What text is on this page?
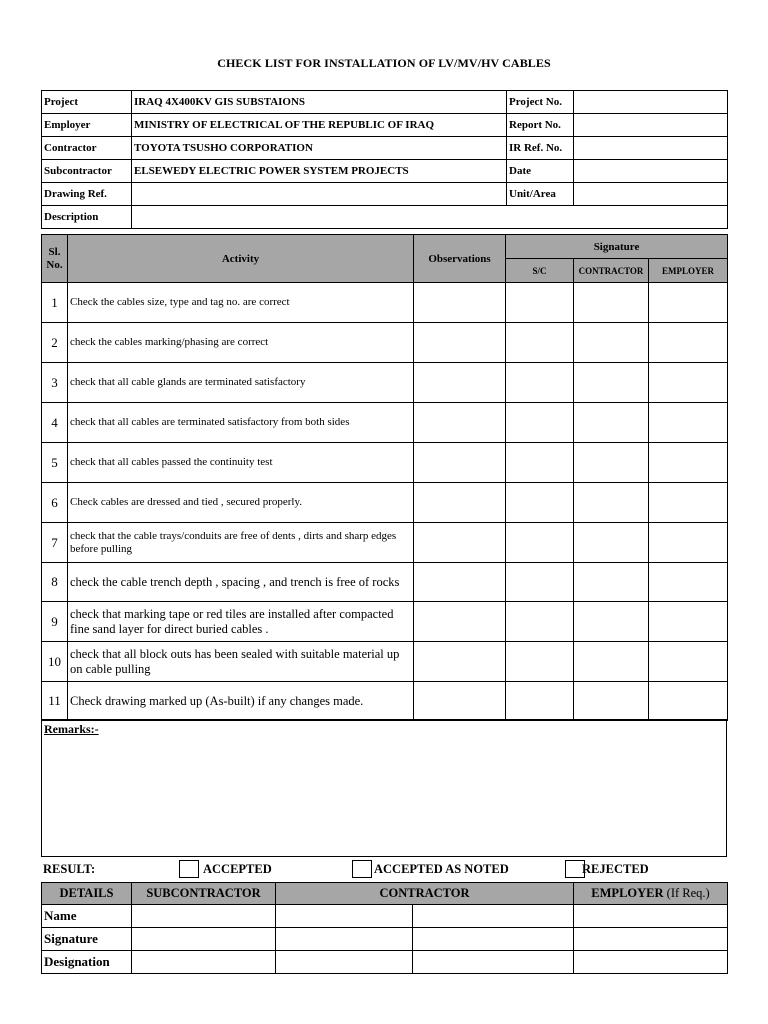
CHECK LIST FOR INSTALLATION OF LV/MV/HV CABLES
Project	IRAQ 4X400KV GIS SUBSTAIONS	Project No.	
Employer	MINISTRY OF ELECTRICAL OF THE REPUBLIC OF IRAQ	Report No.	
Contractor	TOYOTA TSUSHO CORPORATION	IR Ref. No.	
Subcontractor	ELSEWEDY ELECTRIC POWER SYSTEM PROJECTS	Date	
Drawing Ref.		Unit/Area	
Description			
Sl. No.	Activity	Observations	Signature		
			S/C	CONTRACTOR	EMPLOYER
1	Check the cables size, type and tag no. are correct				
2	check the cables marking/phasing are correct				
3	check that all cable glands are terminated satisfactory				
4	check that all cables are terminated satisfactory from both sides				
5	check that all cables passed the continuity test				
6	Check cables are dressed and tied , secured properly.				
7	check that the cable trays/conduits are free of dents , dirts and sharp edges before pulling				
8	check the cable trench depth , spacing , and trench is free of rocks				
9	check that marking tape or red tiles are installed after compacted fine sand layer for direct buried cables .				
10	check that all block outs has been sealed with suitable material up on cable pulling				
11	Check drawing marked up (As-built) if any changes made.				
Remarks:-
RESULT:	ACCEPTED	ACCEPTED AS NOTED	REJECTED
DETAILS	SUBCONTRACTOR	CONTRACTOR		EMPLOYER (If Req.)
Name				
Signature				
Designation				
